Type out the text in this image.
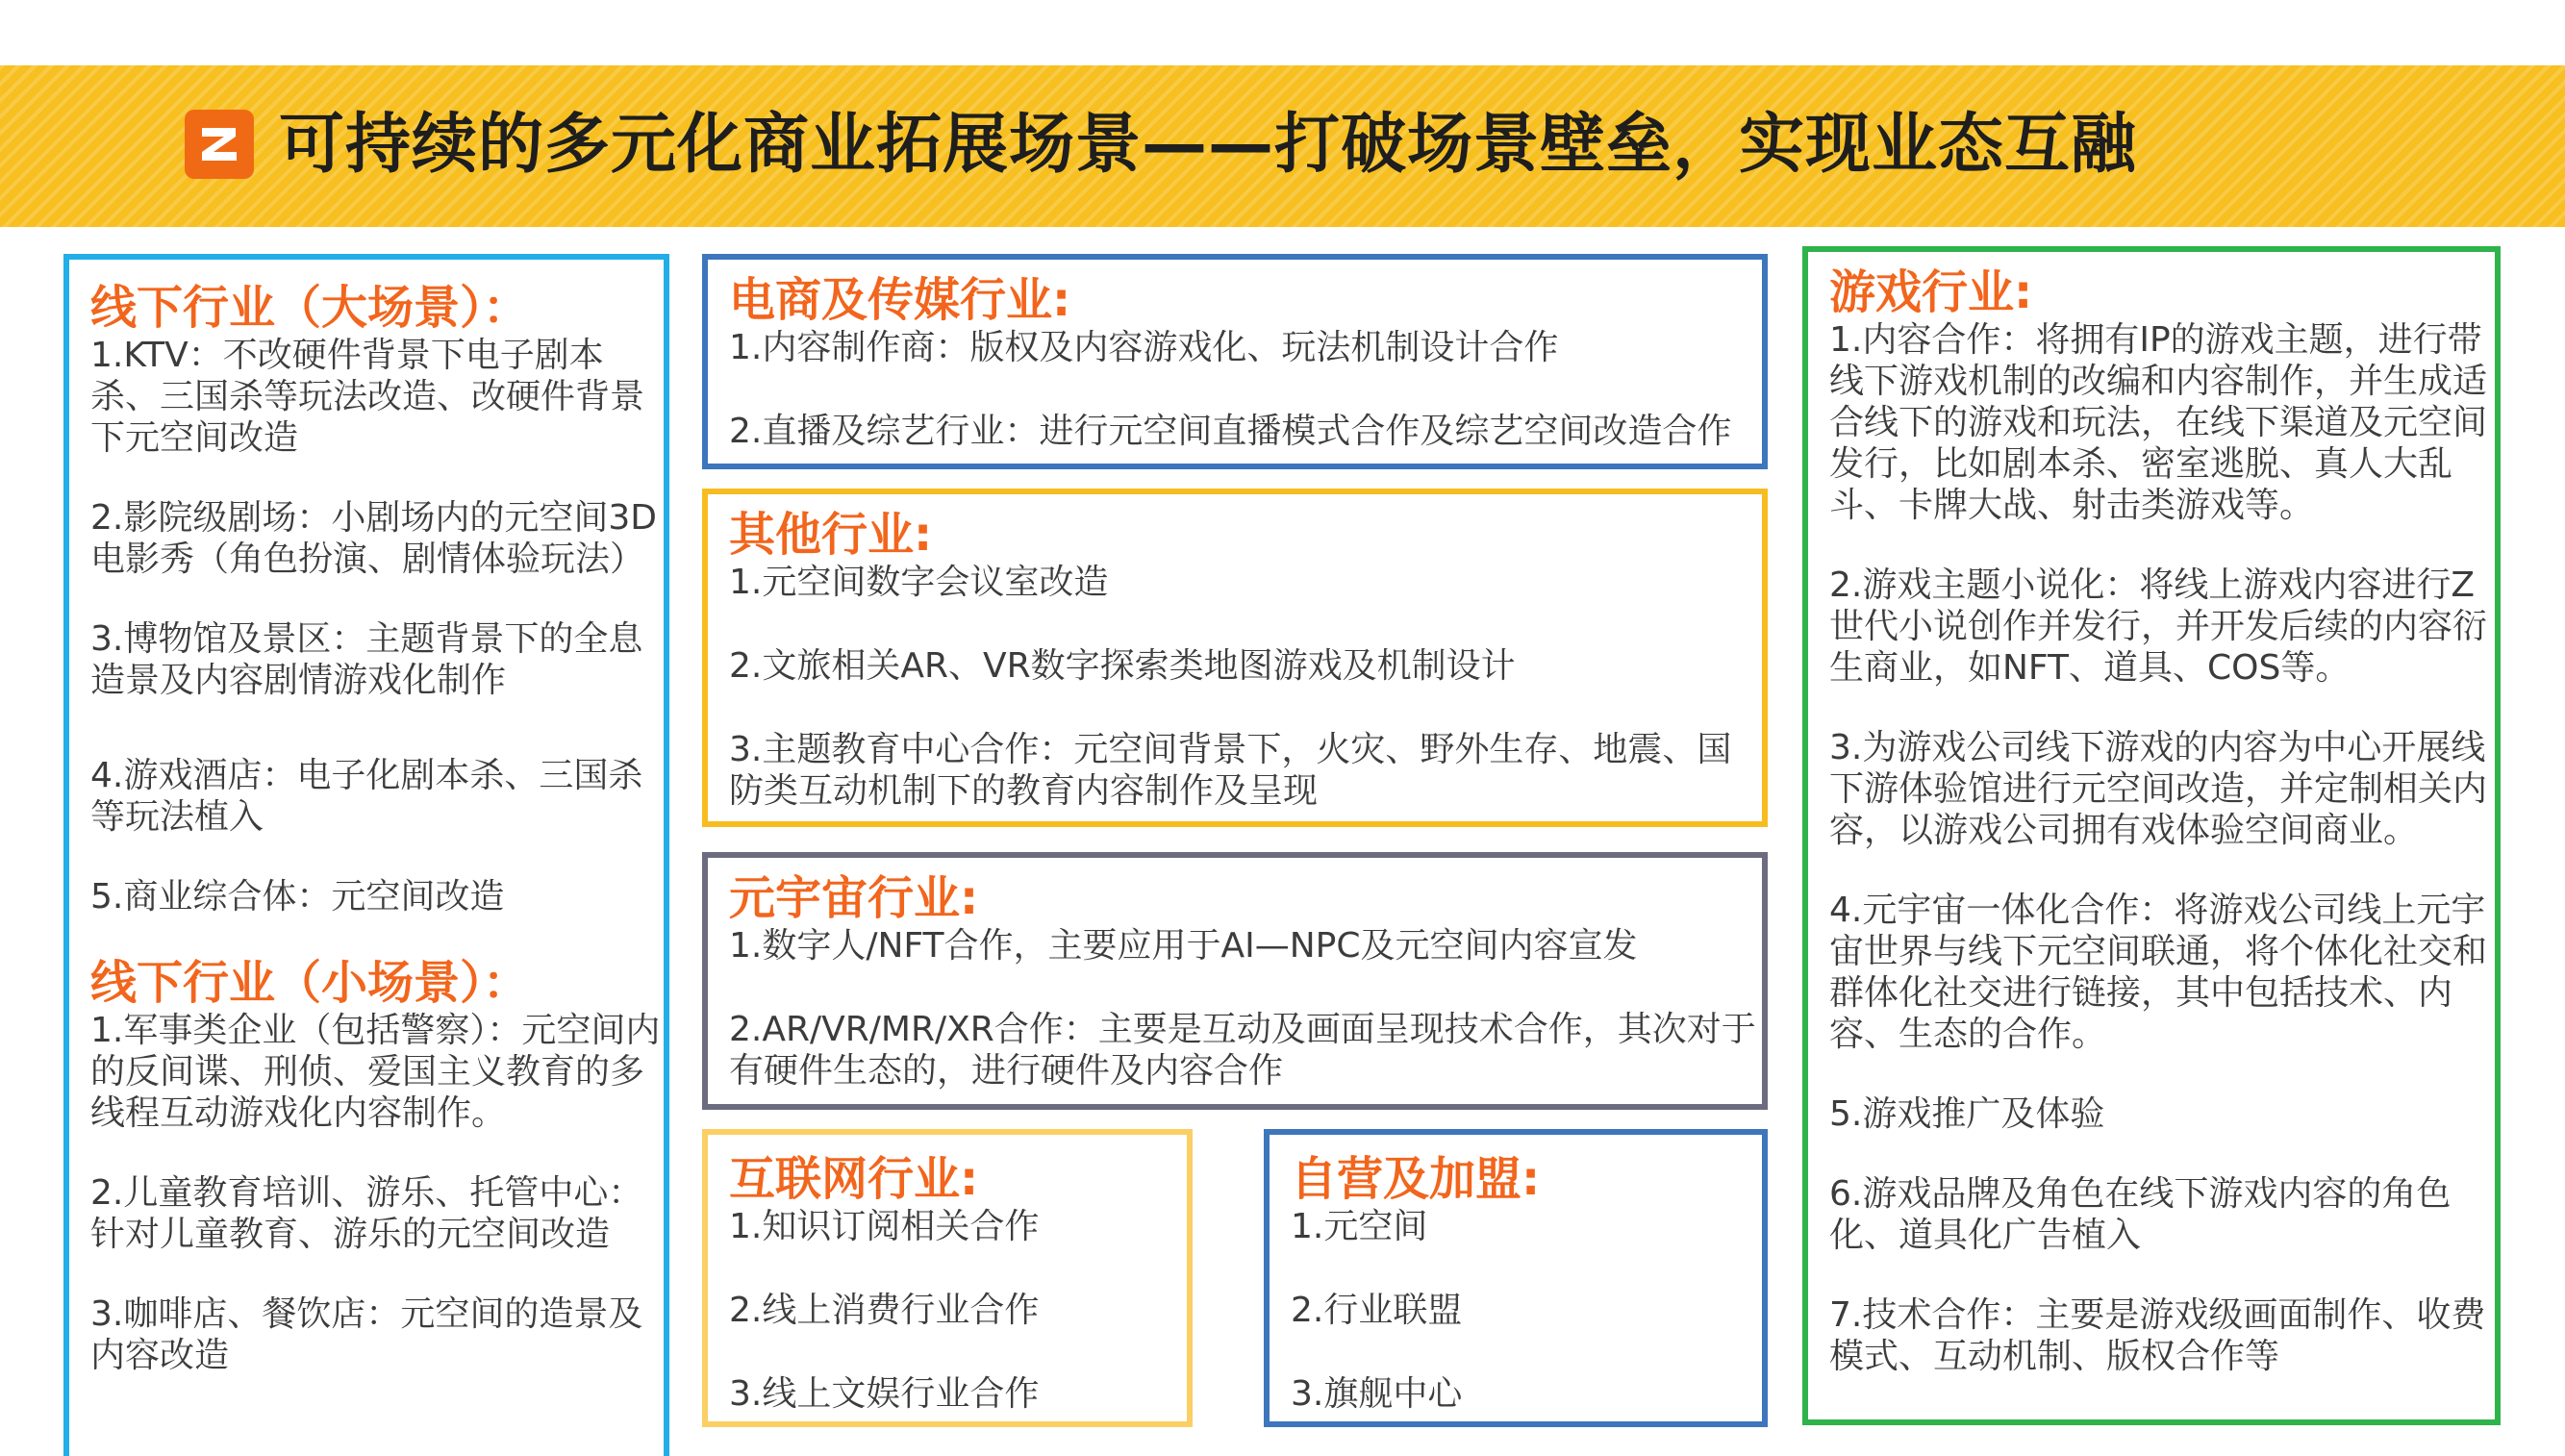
可持续的多元化商业拓展场景——打破场景壁垒，实现业态互融
线下行业（大场景）：
1.KTV：不改硬件背景下电子剧本杀、三国杀等玩法改造、改硬件背景下元空间改造
2.影院级剧场：小剧场内的元空间3D电影秀（角色扮演、剧情体验玩法）
3.博物馆及景区：主题背景下的全息造景及内容剧情游戏化制作
4.游戏酒店：电子化剧本杀、三国杀等玩法植入
5.商业综合体：元空间改造
线下行业（小场景）：
1.军事类企业（包括警察）：元空间内的反间谍、刑侦、爱国主义教育的多线程互动游戏化内容制作。
2.儿童教育培训、游乐、托管中心：针对儿童教育、游乐的元空间改造
3.咖啡店、餐饮店：元空间的造景及内容改造
电商及传媒行业:
1.内容制作商：版权及内容游戏化、玩法机制设计合作
2.直播及综艺行业：进行元空间直播模式合作及综艺空间改造合作
其他行业:
1.元空间数字会议室改造
2.文旅相关AR、VR数字探索类地图游戏及机制设计
3.主题教育中心合作：元空间背景下，火灾、野外生存、地震、国防类互动机制下的教育内容制作及呈现
元宇宙行业:
1.数字人/NFT合作，主要应用于AI—NPC及元空间内容宣发
2.AR/VR/MR/XR合作：主要是互动及画面呈现技术合作，其次对于有硬件生态的，进行硬件及内容合作
互联网行业:
1.知识订阅相关合作
2.线上消费行业合作
3.线上文娱行业合作
自营及加盟:
1.元空间
2.行业联盟
3.旗舰中心
游戏行业:
1.内容合作：将拥有IP的游戏主题，进行带线下游戏机制的改编和内容制作，并生成适合线下的游戏和玩法，在线下渠道及元空间发行，比如剧本杀、密室逃脱、真人大乱斗、卡牌大战、射击类游戏等。
2.游戏主题小说化：将线上游戏内容进行Z世代小说创作并发行，并开发后续的内容衍生商业，如NFT、道具、COS等。
3.为游戏公司线下游戏的内容为中心开展线下游体验馆进行元空间改造，并定制相关内容，以游戏公司拥有戏体验空间商业。
4.元宇宙一体化合作：将游戏公司线上元宇宙世界与线下元空间联通，将个体化社交和群体化社交进行链接，其中包括技术、内容、生态的合作。
5.游戏推广及体验
6.游戏品牌及角色在线下游戏内容的角色化、道具化广告植入
7.技术合作：主要是游戏级画面制作、收费模式、互动机制、版权合作等
